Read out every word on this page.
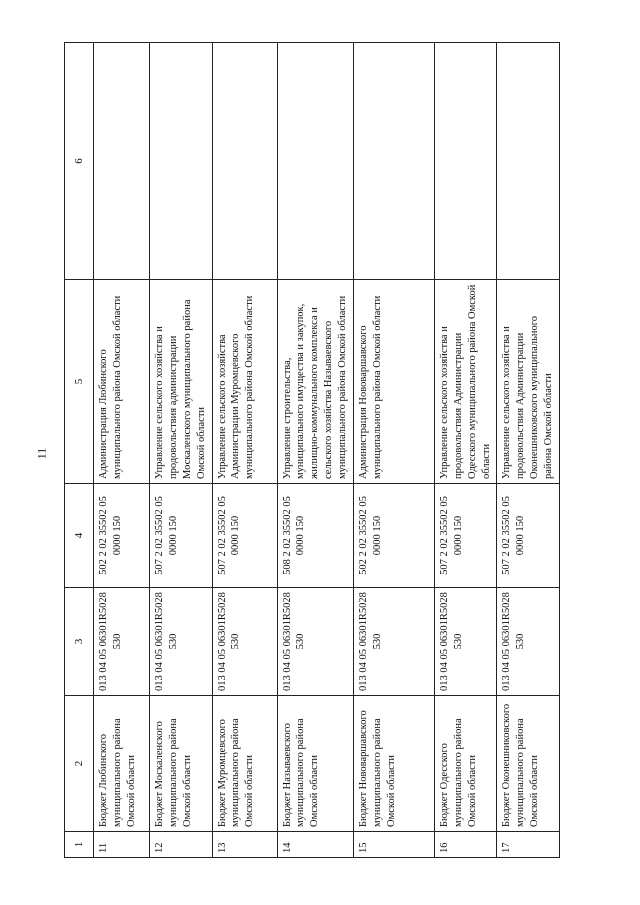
11
1	2	3	4	5	6
11	Бюджет Любинского муниципального района Омской области	013 04 05 06301R5028 530	502 2 02 35502 05 0000 150	Администрация Любинского муниципального района Омской области	
12	Бюджет Москаленского муниципального района Омской области	013 04 05 06301R5028 530	507 2 02 35502 05 0000 150	Управление сельского хозяйства и продовольствия администрации Москаленского муниципального района Омской области	
13	Бюджет Муромцевского муниципального района Омской области	013 04 05 06301R5028 530	507 2 02 35502 05 0000 150	Управление сельского хозяйства Администрации Муромцевского муниципального района Омской области	
14	Бюджет Называевского муниципального района Омской области	013 04 05 06301R5028 530	508 2 02 35502 05 0000 150	Управление строительства, муниципального имущества и закупок, жилищно-коммунального комплекса и сельского хозяйства Называевского муниципального района Омской области	
15	Бюджет Нововаршавского муниципального района Омской области	013 04 05 06301R5028 530	502 2 02 35502 05 0000 150	Администрация Нововаршавского муниципального района Омской области	
16	Бюджет Одесского муниципального района Омской области	013 04 05 06301R5028 530	507 2 02 35502 05 0000 150	Управление сельского хозяйства и продовольствия Администрации Одесского муниципального района Омской области	
17	Бюджет Оконешниковского муниципального района Омской области	013 04 05 06301R5028 530	507 2 02 35502 05 0000 150	Управление сельского хозяйства и продовольствия Администрации Оконешниковского муниципального района Омской области	
